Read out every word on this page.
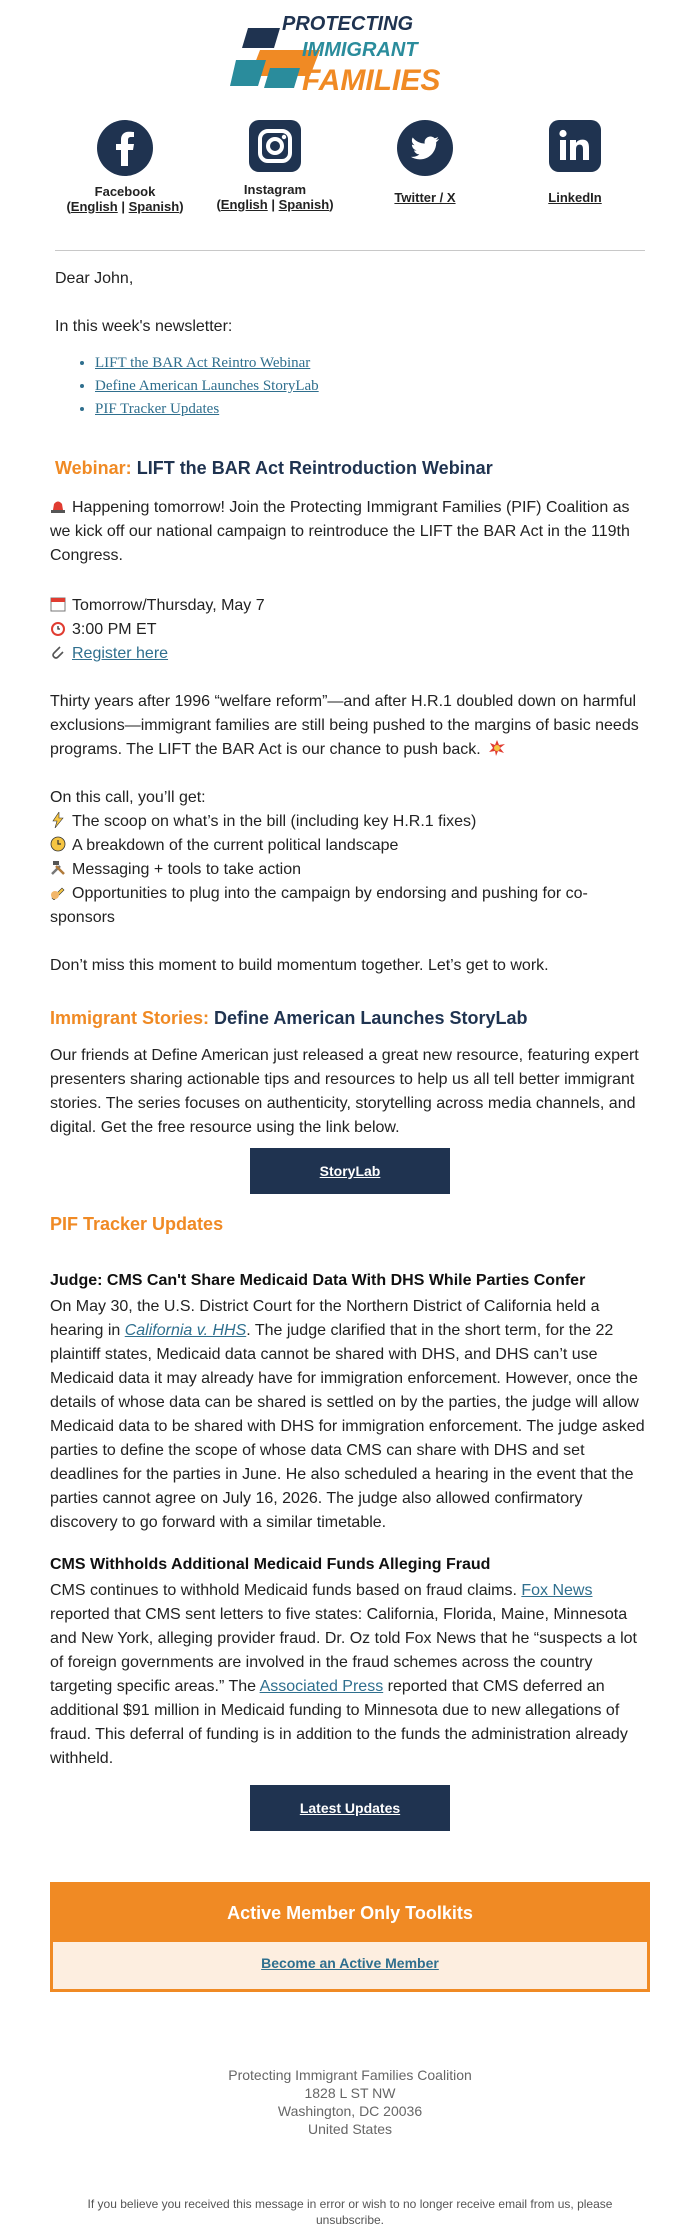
PROTECTING
IMMIGRANT
FAMILIES
Facebook
(English | Spanish)
Instagram
(English | Spanish)	Twitter / X	LinkedIn
Dear John,
In this week's newsletter:
• LIFT the BAR Act Reintro Webinar
• Define American Launches StoryLab
• PIF Tracker Updates
Webinar: LIFT the BAR Act Reintroduction Webinar
Happening tomorrow! Join the Protecting Immigrant Families (PIF) Coalition as we kick off our national campaign to reintroduce the LIFT the BAR Act in the 119th Congress.
Tomorrow/Thursday, May 7
3:00 PM ET
Register here
Thirty years after 1996 “welfare reform”—and after H.R.1 doubled down on harmful exclusions—immigrant families are still being pushed to the margins of basic needs programs. The LIFT the BAR Act is our chance to push back.
On this call, you’ll get:
The scoop on what’s in the bill (including key H.R.1 fixes)
A breakdown of the current political landscape
Messaging + tools to take action
Opportunities to plug into the campaign by endorsing and pushing for co-sponsors
Don’t miss this moment to build momentum together. Let’s get to work.
Immigrant Stories: Define American Launches StoryLab
Our friends at Define American just released a great new resource, featuring expert presenters sharing actionable tips and resources to help us all tell better immigrant stories. The series focuses on authenticity, storytelling across media channels, and digital. Get the free resource using the link below.
StoryLab
PIF Tracker Updates
Judge: CMS Can't Share Medicaid Data With DHS While Parties Confer
On May 30, the U.S. District Court for the Northern District of California held a hearing in California v. HHS. The judge clarified that in the short term, for the 22 plaintiff states, Medicaid data cannot be shared with DHS, and DHS can’t use Medicaid data it may already have for immigration enforcement. However, once the details of whose data can be shared is settled on by the parties, the judge will allow Medicaid data to be shared with DHS for immigration enforcement. The judge asked parties to define the scope of whose data CMS can share with DHS and set deadlines for the parties in June. He also scheduled a hearing in the event that the parties cannot agree on July 16, 2026. The judge also allowed confirmatory discovery to go forward with a similar timetable.
CMS Withholds Additional Medicaid Funds Alleging Fraud
CMS continues to withhold Medicaid funds based on fraud claims. Fox News reported that CMS sent letters to five states: California, Florida, Maine, Minnesota and New York, alleging provider fraud. Dr. Oz told Fox News that he “suspects a lot of foreign governments are involved in the fraud schemes across the country targeting specific areas.” The Associated Press reported that CMS deferred an additional $91 million in Medicaid funding to Minnesota due to new allegations of fraud. This deferral of funding is in addition to the funds the administration already withheld.
Latest Updates
Active Member Only Toolkits
Become an Active Member
Protecting Immigrant Families Coalition
1828 L ST NW
Washington, DC 20036
United States
If you believe you received this message in error or wish to no longer receive email from us, please unsubscribe.
